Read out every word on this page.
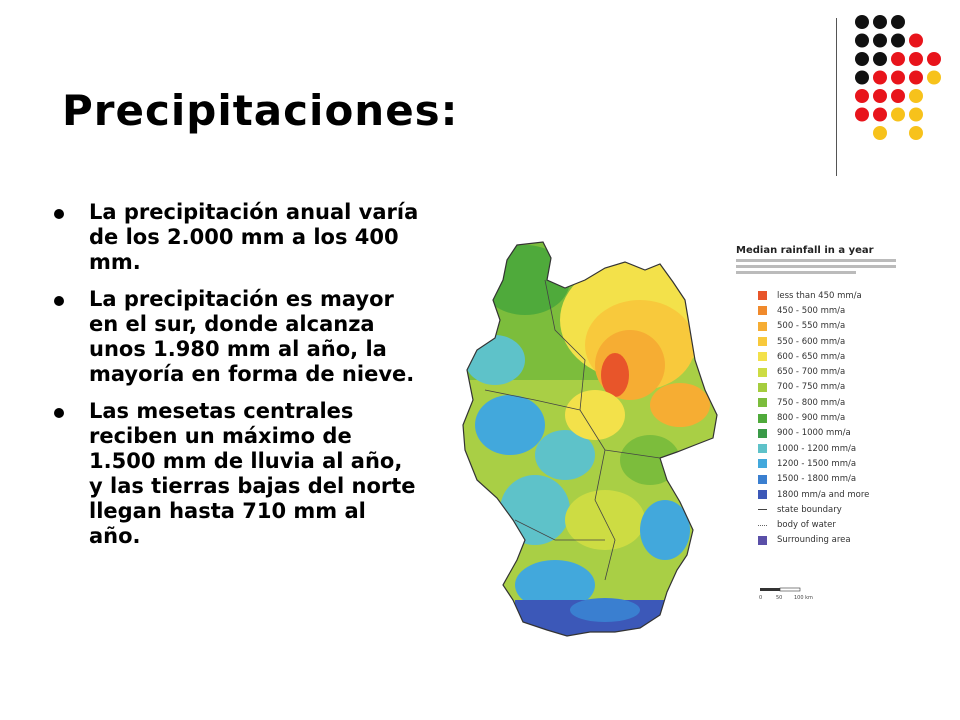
Precipitaciones:
La precipitación anual varía de los 2.000 mm a los 400 mm.
La precipitación es mayor en el sur, donde alcanza unos 1.980 mm al año, la mayoría en forma de nieve.
Las mesetas centrales reciben un máximo de 1.500 mm de lluvia al año, y las tierras bajas del norte llegan hasta 710 mm al año.
Median rainfall in a year
less than 450 mm/a
450 - 500 mm/a
500 - 550 mm/a
550 - 600 mm/a
600 - 650 mm/a
650 - 700 mm/a
700 - 750 mm/a
750 - 800 mm/a
800 - 900 mm/a
900 - 1000 mm/a
1000 - 1200 mm/a
1200 - 1500 mm/a
1500 - 1800 mm/a
1800 mm/a and more
state boundary
body of water
Surrounding area
0	50 100 km
